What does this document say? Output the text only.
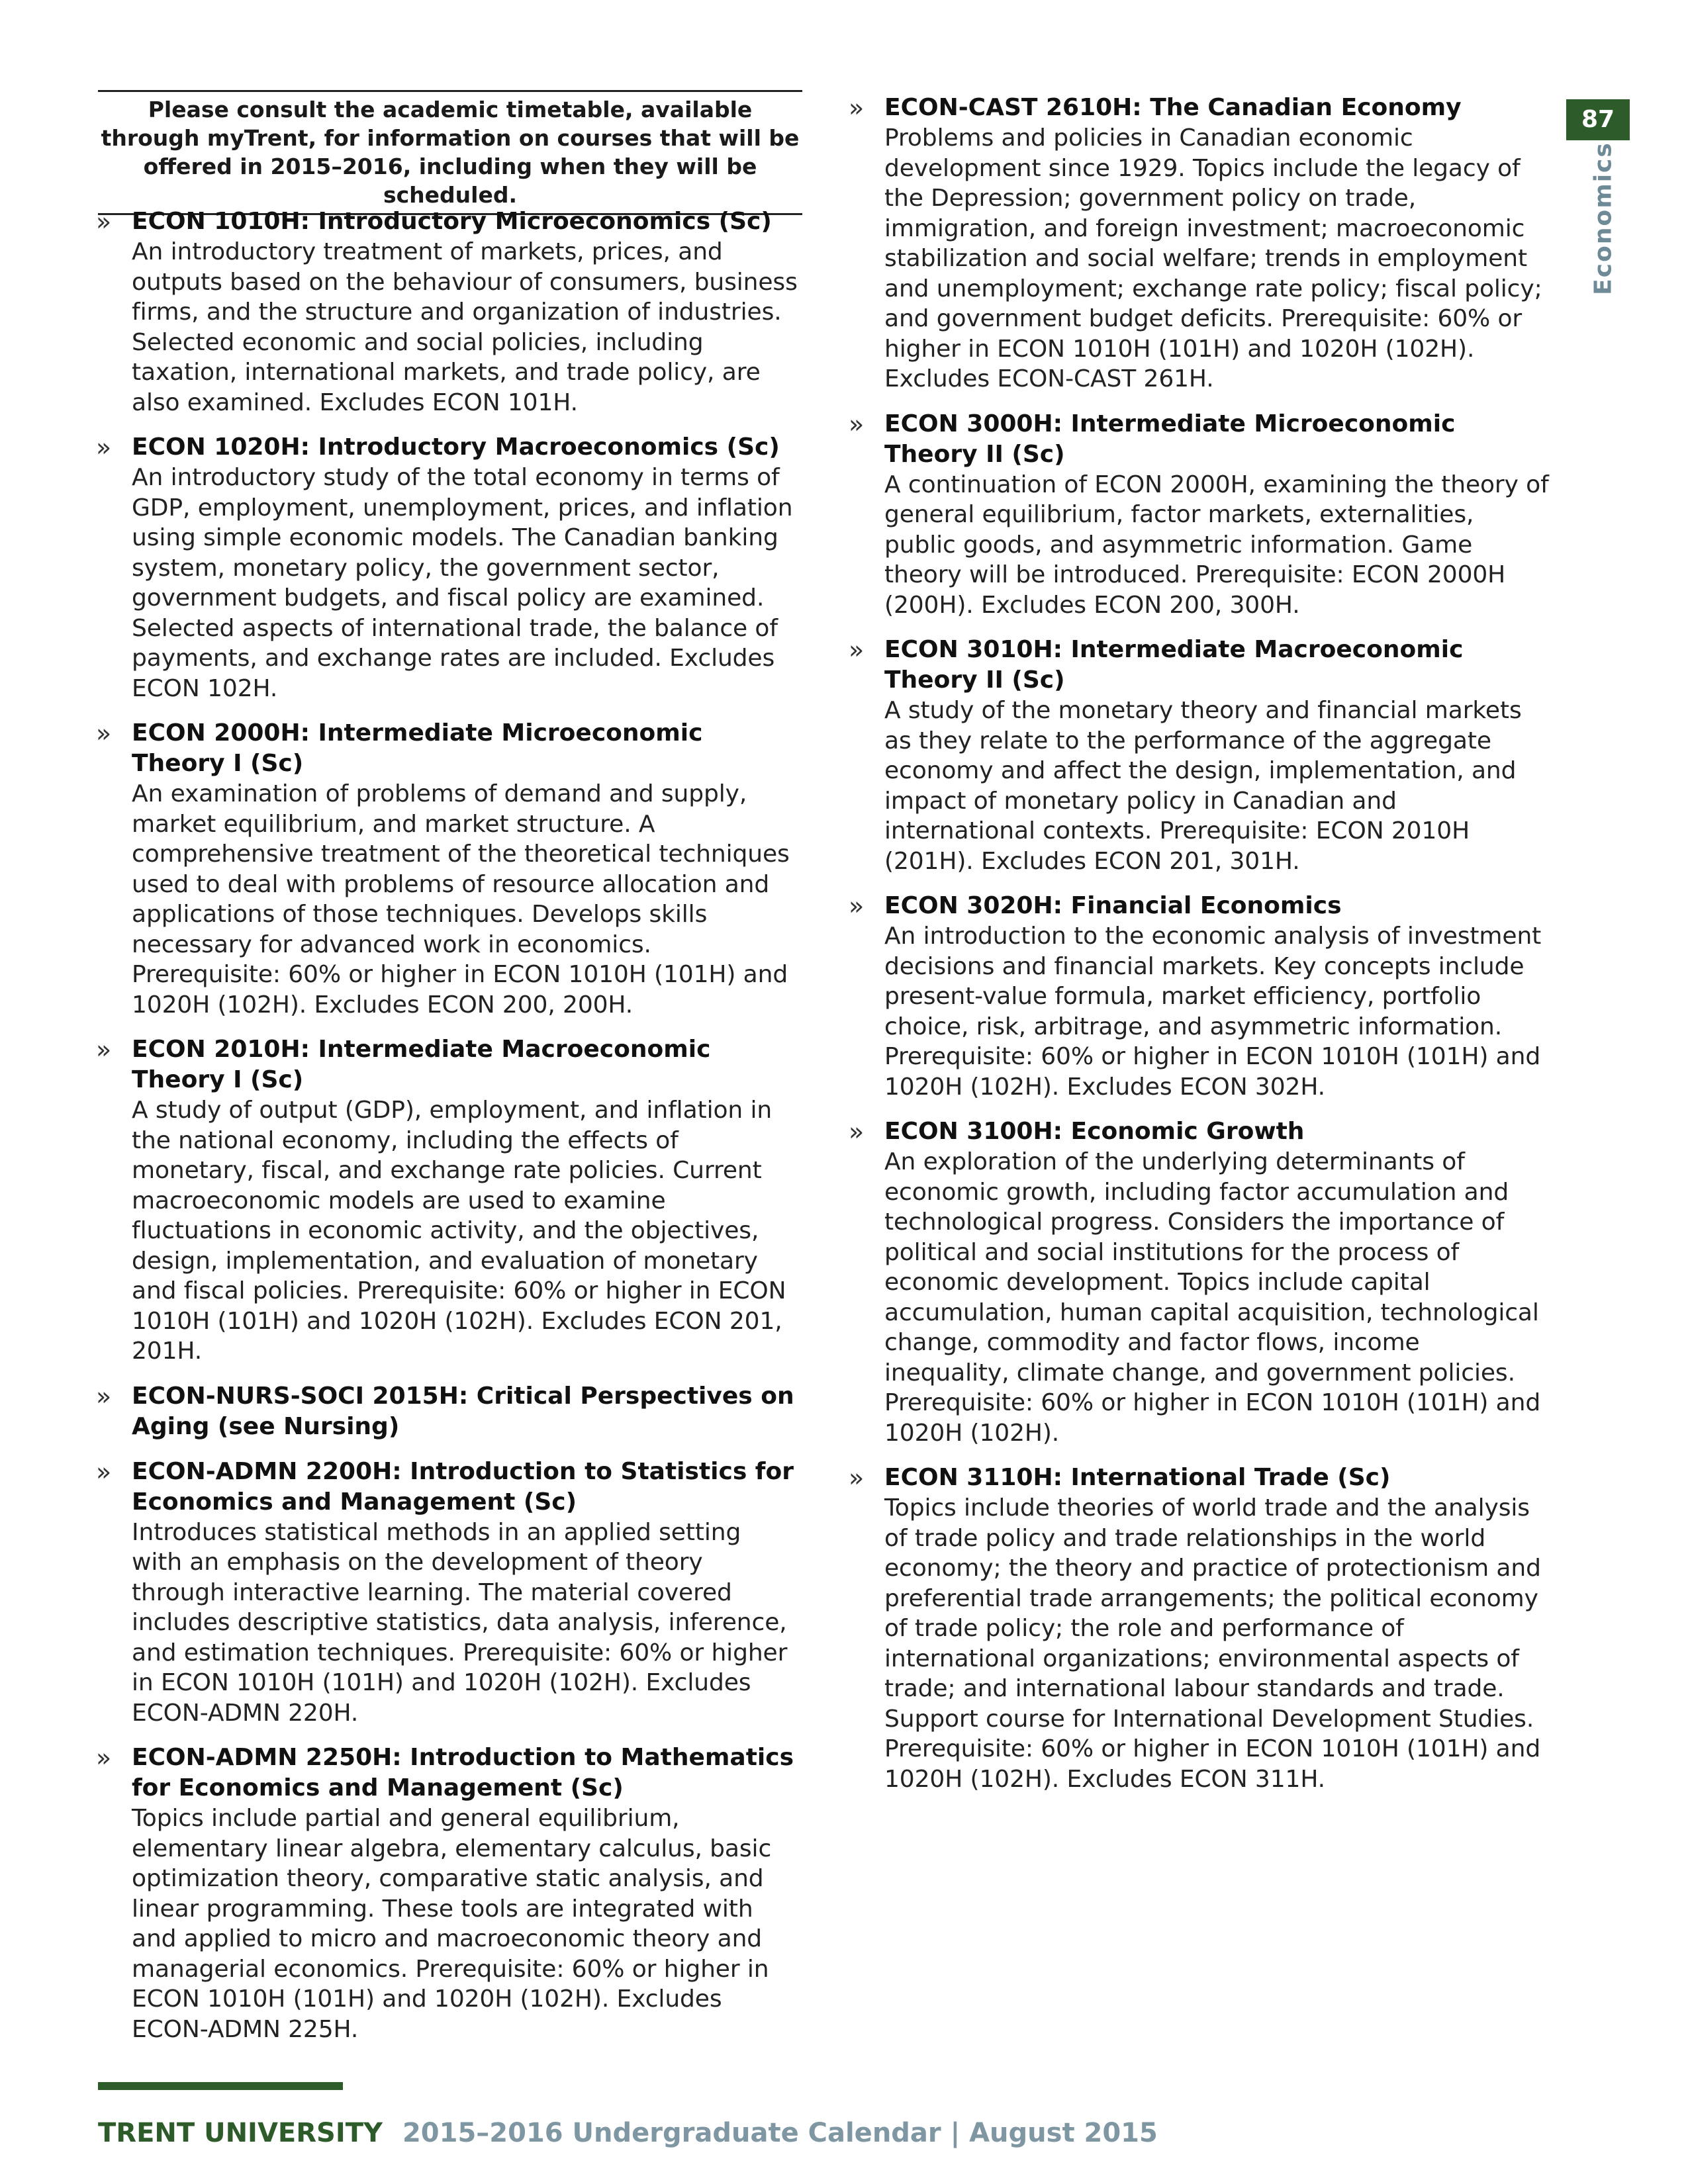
Please consult the academic timetable, available through myTrent, for information on courses that will be offered in 2015–2016, including when they will be scheduled.
» ECON 1010H: Introductory Microeconomics (Sc)
An introductory treatment of markets, prices, and outputs based on the behaviour of consumers, business firms, and the structure and organization of industries. Selected economic and social policies, including taxation, international markets, and trade policy, are also examined. Excludes ECON 101H.
» ECON 1020H: Introductory Macroeconomics (Sc)
An introductory study of the total economy in terms of GDP, employment, unemployment, prices, and inflation using simple economic models. The Canadian banking system, monetary policy, the government sector, government budgets, and fiscal policy are examined. Selected aspects of international trade, the balance of payments, and exchange rates are included. Excludes ECON 102H.
» ECON 2000H: Intermediate Microeconomic Theory I (Sc)
An examination of problems of demand and supply, market equilibrium, and market structure. A comprehensive treatment of the theoretical techniques used to deal with problems of resource allocation and applications of those techniques. Develops skills necessary for advanced work in economics. Prerequisite: 60% or higher in ECON 1010H (101H) and 1020H (102H). Excludes ECON 200, 200H.
» ECON 2010H: Intermediate Macroeconomic Theory I (Sc)
A study of output (GDP), employment, and inflation in the national economy, including the effects of monetary, fiscal, and exchange rate policies. Current macroeconomic models are used to examine fluctuations in economic activity, and the objectives, design, implementation, and evaluation of monetary and fiscal policies. Prerequisite: 60% or higher in ECON 1010H (101H) and 1020H (102H). Excludes ECON 201, 201H.
» ECON-NURS-SOCI 2015H: Critical Perspectives on Aging (see Nursing)
» ECON-ADMN 2200H: Introduction to Statistics for Economics and Management (Sc)
Introduces statistical methods in an applied setting with an emphasis on the development of theory through interactive learning. The material covered includes descriptive statistics, data analysis, inference, and estimation techniques. Prerequisite: 60% or higher in ECON 1010H (101H) and 1020H (102H). Excludes ECON-ADMN 220H.
» ECON-ADMN 2250H: Introduction to Mathematics for Economics and Management (Sc)
Topics include partial and general equilibrium, elementary linear algebra, elementary calculus, basic optimization theory, comparative static analysis, and linear programming. These tools are integrated with and applied to micro and macroeconomic theory and managerial economics. Prerequisite: 60% or higher in ECON 1010H (101H) and 1020H (102H). Excludes ECON-ADMN 225H.
» ECON-CAST 2610H: The Canadian Economy
Problems and policies in Canadian economic development since 1929. Topics include the legacy of the Depression; government policy on trade, immigration, and foreign investment; macroeconomic stabilization and social welfare; trends in employment and unemployment; exchange rate policy; fiscal policy; and government budget deficits. Prerequisite: 60% or higher in ECON 1010H (101H) and 1020H (102H). Excludes ECON-CAST 261H.
» ECON 3000H: Intermediate Microeconomic Theory II (Sc)
A continuation of ECON 2000H, examining the theory of general equilibrium, factor markets, externalities, public goods, and asymmetric information. Game theory will be introduced. Prerequisite: ECON 2000H (200H). Excludes ECON 200, 300H.
» ECON 3010H: Intermediate Macroeconomic Theory II (Sc)
A study of the monetary theory and financial markets as they relate to the performance of the aggregate economy and affect the design, implementation, and impact of monetary policy in Canadian and international contexts. Prerequisite: ECON 2010H (201H). Excludes ECON 201, 301H.
» ECON 3020H: Financial Economics
An introduction to the economic analysis of investment decisions and financial markets. Key concepts include present-value formula, market efficiency, portfolio choice, risk, arbitrage, and asymmetric information. Prerequisite: 60% or higher in ECON 1010H (101H) and 1020H (102H). Excludes ECON 302H.
» ECON 3100H: Economic Growth
An exploration of the underlying determinants of economic growth, including factor accumulation and technological progress. Considers the importance of political and social institutions for the process of economic development. Topics include capital accumulation, human capital acquisition, technological change, commodity and factor flows, income inequality, climate change, and government policies. Prerequisite: 60% or higher in ECON 1010H (101H) and 1020H (102H).
» ECON 3110H: International Trade (Sc)
Topics include theories of world trade and the analysis of trade policy and trade relationships in the world economy; the theory and practice of protectionism and preferential trade arrangements; the political economy of trade policy; the role and performance of international organizations; environmental aspects of trade; and international labour standards and trade. Support course for International Development Studies. Prerequisite: 60% or higher in ECON 1010H (101H) and 1020H (102H). Excludes ECON 311H.
87
Economics
TRENT UNIVERSITY 2015–2016 Undergraduate Calendar | August 2015
